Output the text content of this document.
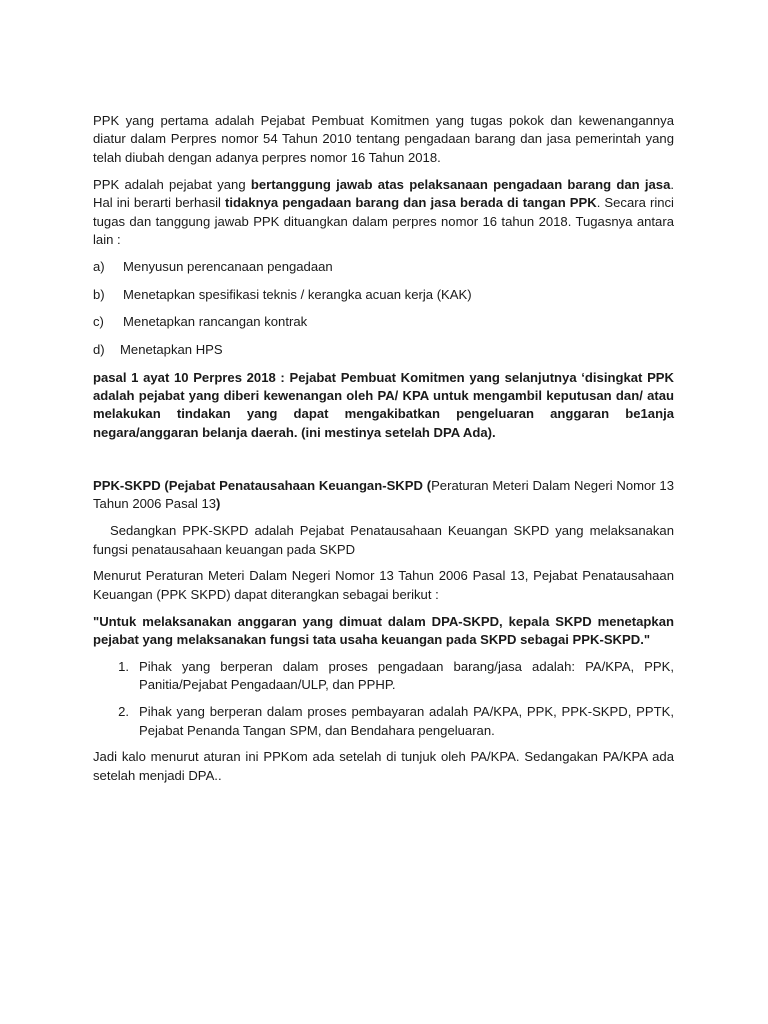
PPK yang pertama adalah Pejabat Pembuat Komitmen yang tugas pokok dan kewenangannya diatur dalam Perpres nomor 54 Tahun 2010 tentang pengadaan barang dan jasa pemerintah yang telah diubah dengan adanya perpres nomor 16 Tahun 2018.

PPK adalah pejabat yang bertanggung jawab atas pelaksanaan pengadaan barang dan jasa. Hal ini berarti berhasil tidaknya pengadaan barang dan jasa berada di tangan PPK. Secara rinci tugas dan tanggung jawab PPK dituangkan dalam perpres nomor 16 tahun 2018. Tugasnya antara lain :

a)	Menyusun perencanaan pengadaan
b)	Menetapkan spesifikasi teknis / kerangka acuan kerja (KAK)
c)	Menetapkan rancangan kontrak
d)	Menetapkan HPS

pasal 1 ayat 10 Perpres 2018 : Pejabat Pembuat Komitmen yang selanjutnya ‘disingkat PPK adalah pejabat yang diberi kewenangan oleh PA/ KPA untuk mengambil keputusan dan/ atau melakukan tindakan yang dapat mengakibatkan pengeluaran anggaran be1anja negara/anggaran belanja daerah. (ini mestinya setelah DPA Ada).

PPK-SKPD (Pejabat Penatausahaan Keuangan-SKPD (Peraturan Meteri Dalam Negeri Nomor 13 Tahun 2006 Pasal 13)

Sedangkan PPK-SKPD adalah Pejabat Penatausahaan Keuangan SKPD yang melaksanakan fungsi penatausahaan keuangan pada SKPD

Menurut Peraturan Meteri Dalam Negeri Nomor 13 Tahun 2006 Pasal 13, Pejabat Penatausahaan Keuangan (PPK SKPD) dapat diterangkan sebagai berikut :

"Untuk melaksanakan anggaran yang dimuat dalam DPA-SKPD, kepala SKPD menetapkan pejabat yang melaksanakan fungsi tata usaha keuangan pada SKPD sebagai PPK-SKPD."

1. Pihak yang berperan dalam proses pengadaan barang/jasa adalah: PA/KPA, PPK, Panitia/Pejabat Pengadaan/ULP, dan PPHP.
2. Pihak yang berperan dalam proses pembayaran adalah PA/KPA, PPK, PPK-SKPD, PPTK, Pejabat Penanda Tangan SPM, dan Bendahara pengeluaran.

Jadi kalo menurut aturan ini PPKom ada setelah di tunjuk oleh PA/KPA. Sedangakan PA/KPA ada setelah menjadi DPA..
